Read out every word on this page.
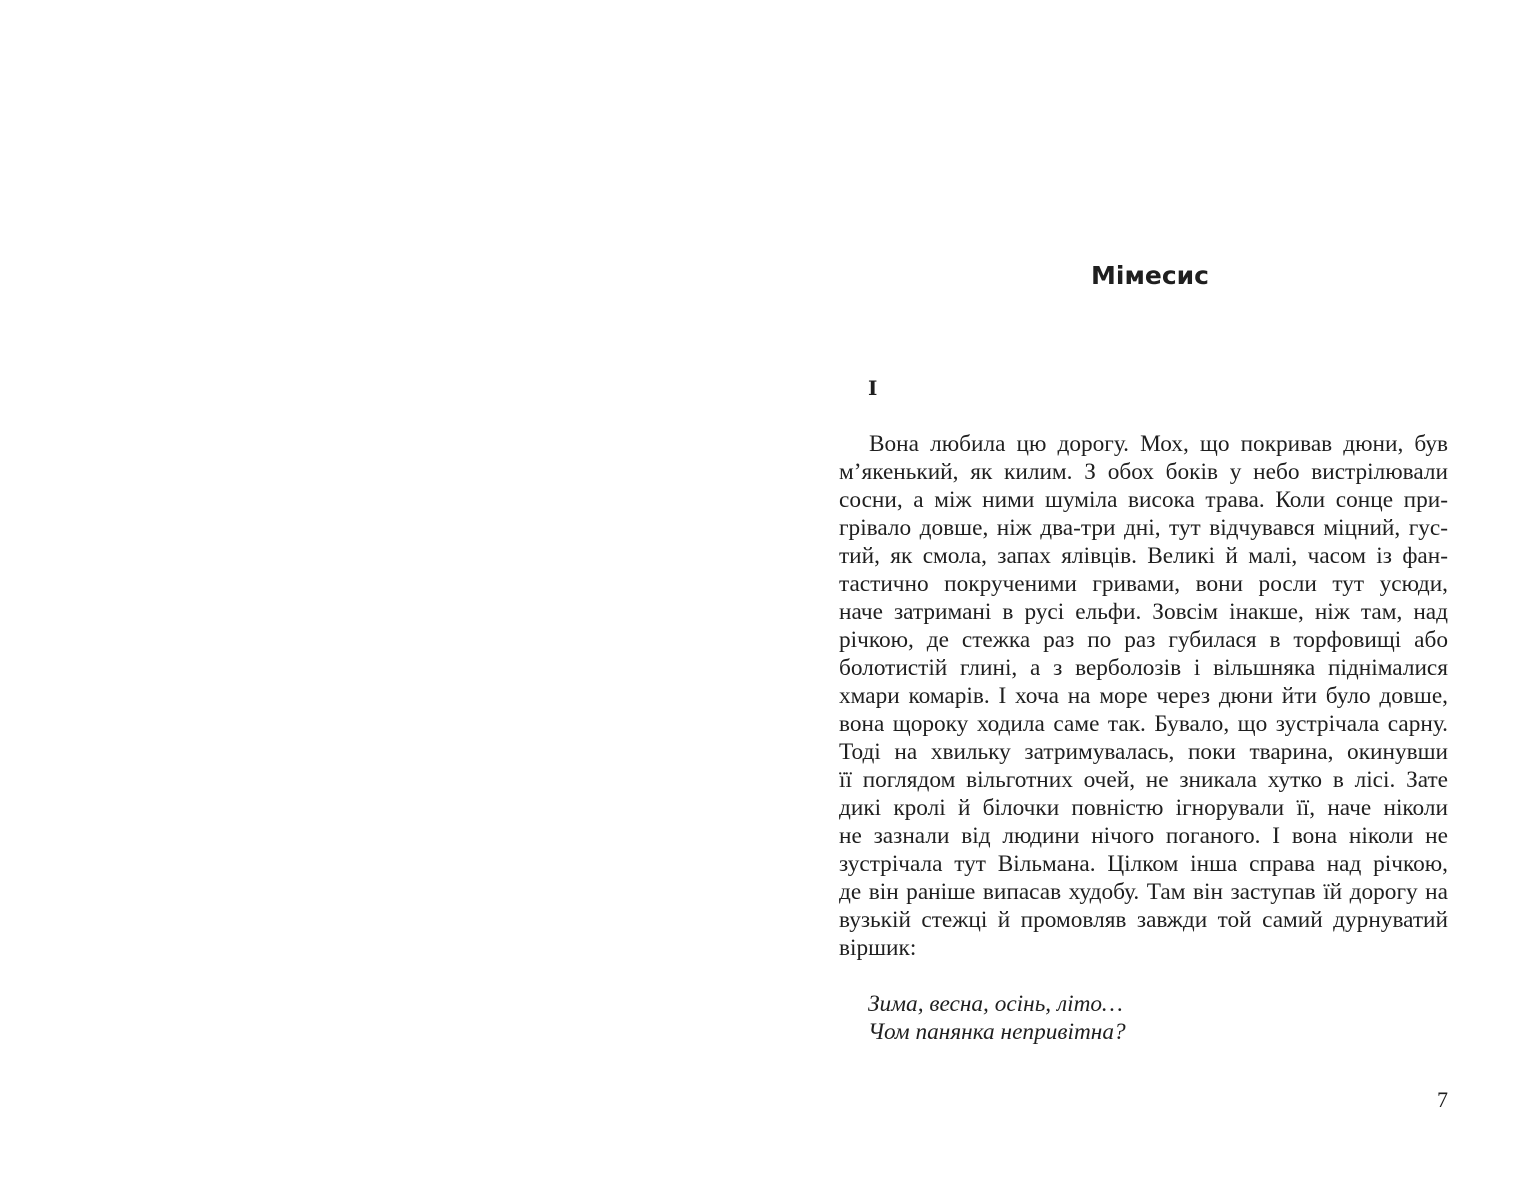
Мімесис
I
Вона любила цю дорогу. Мох, що покривав дюни, був
м’якенький, як килим. З обох боків у небо вистрілювали
сосни, а між ними шуміла висока трава. Коли сонце при-
грівало довше, ніж два-три дні, тут відчувався міцний, гус-
тий, як смола, запах ялівців. Великі й малі, часом із фан-
тастично покрученими гривами, вони росли тут усюди,
наче затримані в русі ельфи. Зовсім інакше, ніж там, над
річкою, де стежка раз по раз губилася в торфовищі або
болотистій глині, а з верболозів і вільшняка піднімалися
хмари комарів. І хоча на море через дюни йти було довше,
вона щороку ходила саме так. Бувало, що зустрічала сарну.
Тоді на хвильку затримувалась, поки тварина, окинувши
її поглядом вільготних очей, не зникала хутко в лісі. Зате
дикі кролі й білочки повністю ігнорували її, наче ніколи
не зазнали від людини нічого поганого. І вона ніколи не
зустрічала тут Вільмана. Цілком інша справа над річкою,
де він раніше випасав худобу. Там він заступав їй дорогу на
вузькій стежці й промовляв завжди той самий дурнуватий
віршик:
Зима, весна, осінь, літо…
Чом панянка непривітна?
7
